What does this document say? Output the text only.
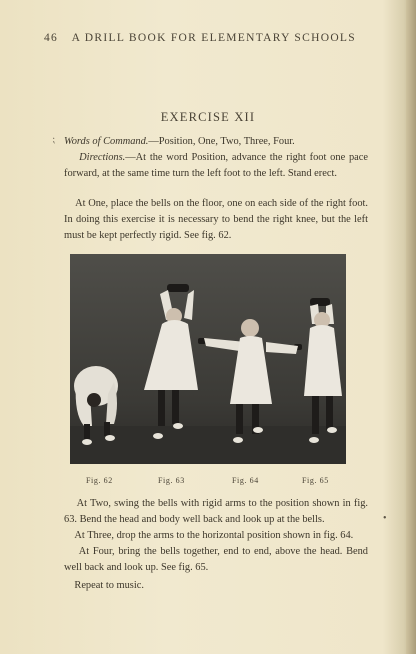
46 A DRILL BOOK FOR ELEMENTARY SCHOOLS
EXERCISE XII
⁏ Words of Command.—Position, One, Two, Three, Four.

Directions.—At the word Position, advance the right foot one pace forward, at the same time turn the left foot to the left. Stand erect.

At One, place the bells on the floor, one on each side of the right foot. In doing this exercise it is necessary to bend the right knee, but the left must be kept perfectly rigid. See fig. 62.

Fig. 62	Fig. 63	Fig. 64	Fig. 65

At Two, swing the bells with rigid arms to the position shown in fig. 63. Bend the head and body well back and look up at the bells.

At Three, drop the arms to the horizontal position shown in fig. 64.

At Four, bring the bells together, end to end, above the head. Bend well back and look up. See fig. 65.

Repeat to music.

•
